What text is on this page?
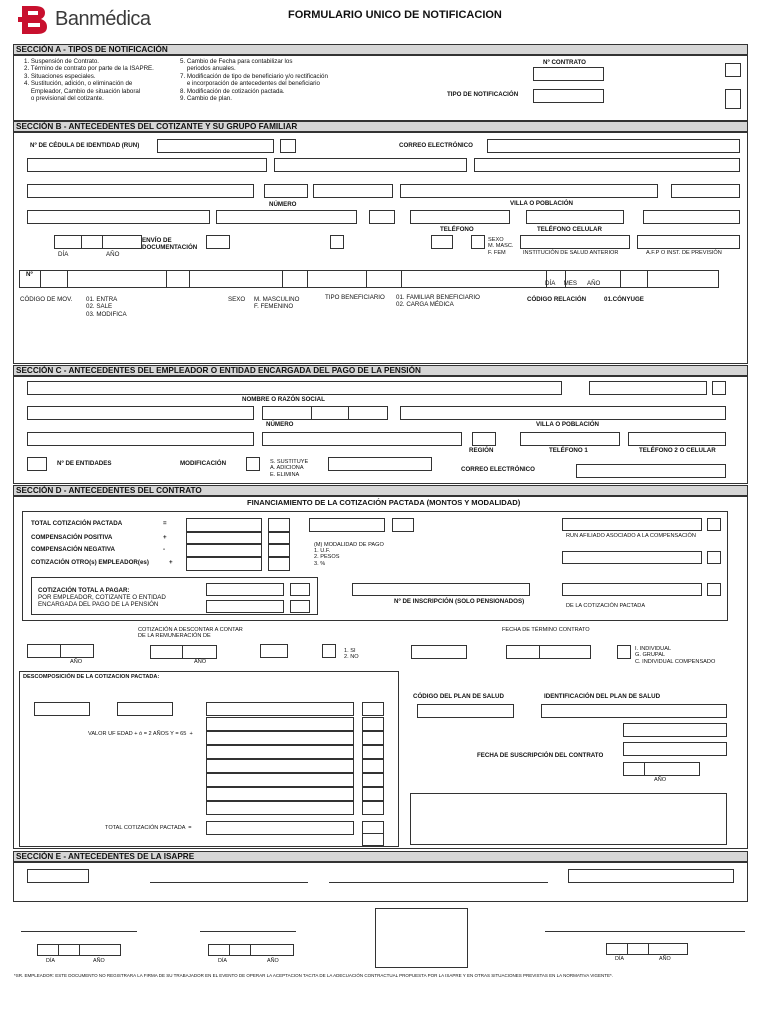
Banmédica	FORMULARIO UNICO DE NOTIFICACION
SECCIÓN A - TIPOS DE NOTIFICACIÓN
1. Suspensión de Contrato.
2. Término de contrato por parte de la ISAPRE.
3. Situaciones especiales.
4. Sustitución, adición, o eliminación de
Empleador, Cambio de situación laboral
o previsional del cotizante.
5. Cambio de Fecha para contabilizar los
periodos anuales.
7. Modificación de tipo de beneficiario y/o rectificación
e incorporación de antecedentes del beneficiario
8. Modificación de cotización pactada.
9. Cambio de plan.
Nº CONTRATO
TIPO DE NOTIFICACIÓN
SECCIÓN B - ANTECEDENTES DEL COTIZANTE Y SU GRUPO FAMILIAR
Nº DE CÉDULA DE IDENTIDAD (RUN)	CORREO ELECTRÓNICO
NÚMERO	VILLA O POBLACIÓN
TELÉFONO	TELÉFONO CELULAR
DÍA	AÑO
ENVÍO DE
DOCUMENTACIÓN
SEXO
M. MASC.
F. FEM	INSTITUCIÓN DE SALUD ANTERIOR	A.F.P O INST. DE PREVISIÓN
Nº
DÍA     MES      AÑO
CÓDIGO DE MOV. 01. ENTRA
02. SALE
03. MODIFICA
SEXO M. MASCULINO
F. FEMENINO
TIPO BENEFICIARIO 01. FAMILIAR BENEFICIARIO
02. CARGA MÉDICA
CÓDIGO RELACIÓN	01.CÓNYUGE
SECCIÓN C - ANTECEDENTES DEL EMPLEADOR O ENTIDAD ENCARGADA DEL PAGO DE LA PENSIÓN
NOMBRE O RAZÓN SOCIAL
NÚMERO	VILLA O POBLACIÓN
REGIÓN	TELÉFONO 1	TELÉFONO 2 O CELULAR
Nº DE ENTIDADES	MODIFICACIÓN	S. SUSTITUYE
A. ADICIONA
E. ELIMINA
CORREO ELECTRÓNICO
SECCIÓN D - ANTECEDENTES DEL CONTRATO
FINANCIAMIENTO DE LA COTIZACIÓN PACTADA (MONTOS Y MODALIDAD)
TOTAL COTIZACIÓN PACTADA
COMPENSACIÓN POSITIVA
COMPENSACIÓN NEGATIVA
COTIZACIÓN OTRO(s) EMPLEADOR(es)
=
+
-
+
(M) MODALIDAD DE PAGO
1. U.F.
2. PESOS
3. %
RUN AFILIADO ASOCIADO A LA COMPENSACIÓN
COTIZACIÓN TOTAL A PAGAR:
POR EMPLEADOR, COTIZANTE O ENTIDAD
ENCARGADA DEL PAGO DE LA PENSIÓN	Nº DE INSCRIPCIÓN (SOLO PENSIONADOS)
DE LA COTIZACIÓN PACTADA
COTIZACIÓN A DESCONTAR A CONTAR
DE LA REMUNERACIÓN DE
FECHA DE TÉRMINO CONTRATO
AÑO	AÑO
1. SI
2. NO
I. INDIVIDUAL
G. GRUPAL
C. INDIVIDUAL COMPENSADO
DESCOMPOSICIÓN DE LA COTIZACION PACTADA:
VALOR UF EDAD + ó = 2 AÑOS Y = 65  +
TOTAL COTIZACIÓN PACTADA  =
CÓDIGO DEL PLAN DE SALUD	IDENTIFICACIÓN DEL PLAN DE SALUD
FECHA DE SUSCRIPCIÓN DEL CONTRATO
AÑO
SECCIÓN E - ANTECEDENTES DE LA ISAPRE
DÍA	AÑO	DÍA	AÑO	DÍA	AÑO
*SR. EMPLEADOR: ESTE DOCUMENTO NO REGISTRARA LA FIRMA DE SU TRABAJADOR EN EL EVENTO DE OPERAR LA ACEPTACION TACITA DE LA ADECUACIÓN CONTRACTUAL PROPUESTA POR LA ISAPRE Y EN OTRAS SITUACIONES PREVISTAS EN LA NORMATIVA VIGENTE*.
